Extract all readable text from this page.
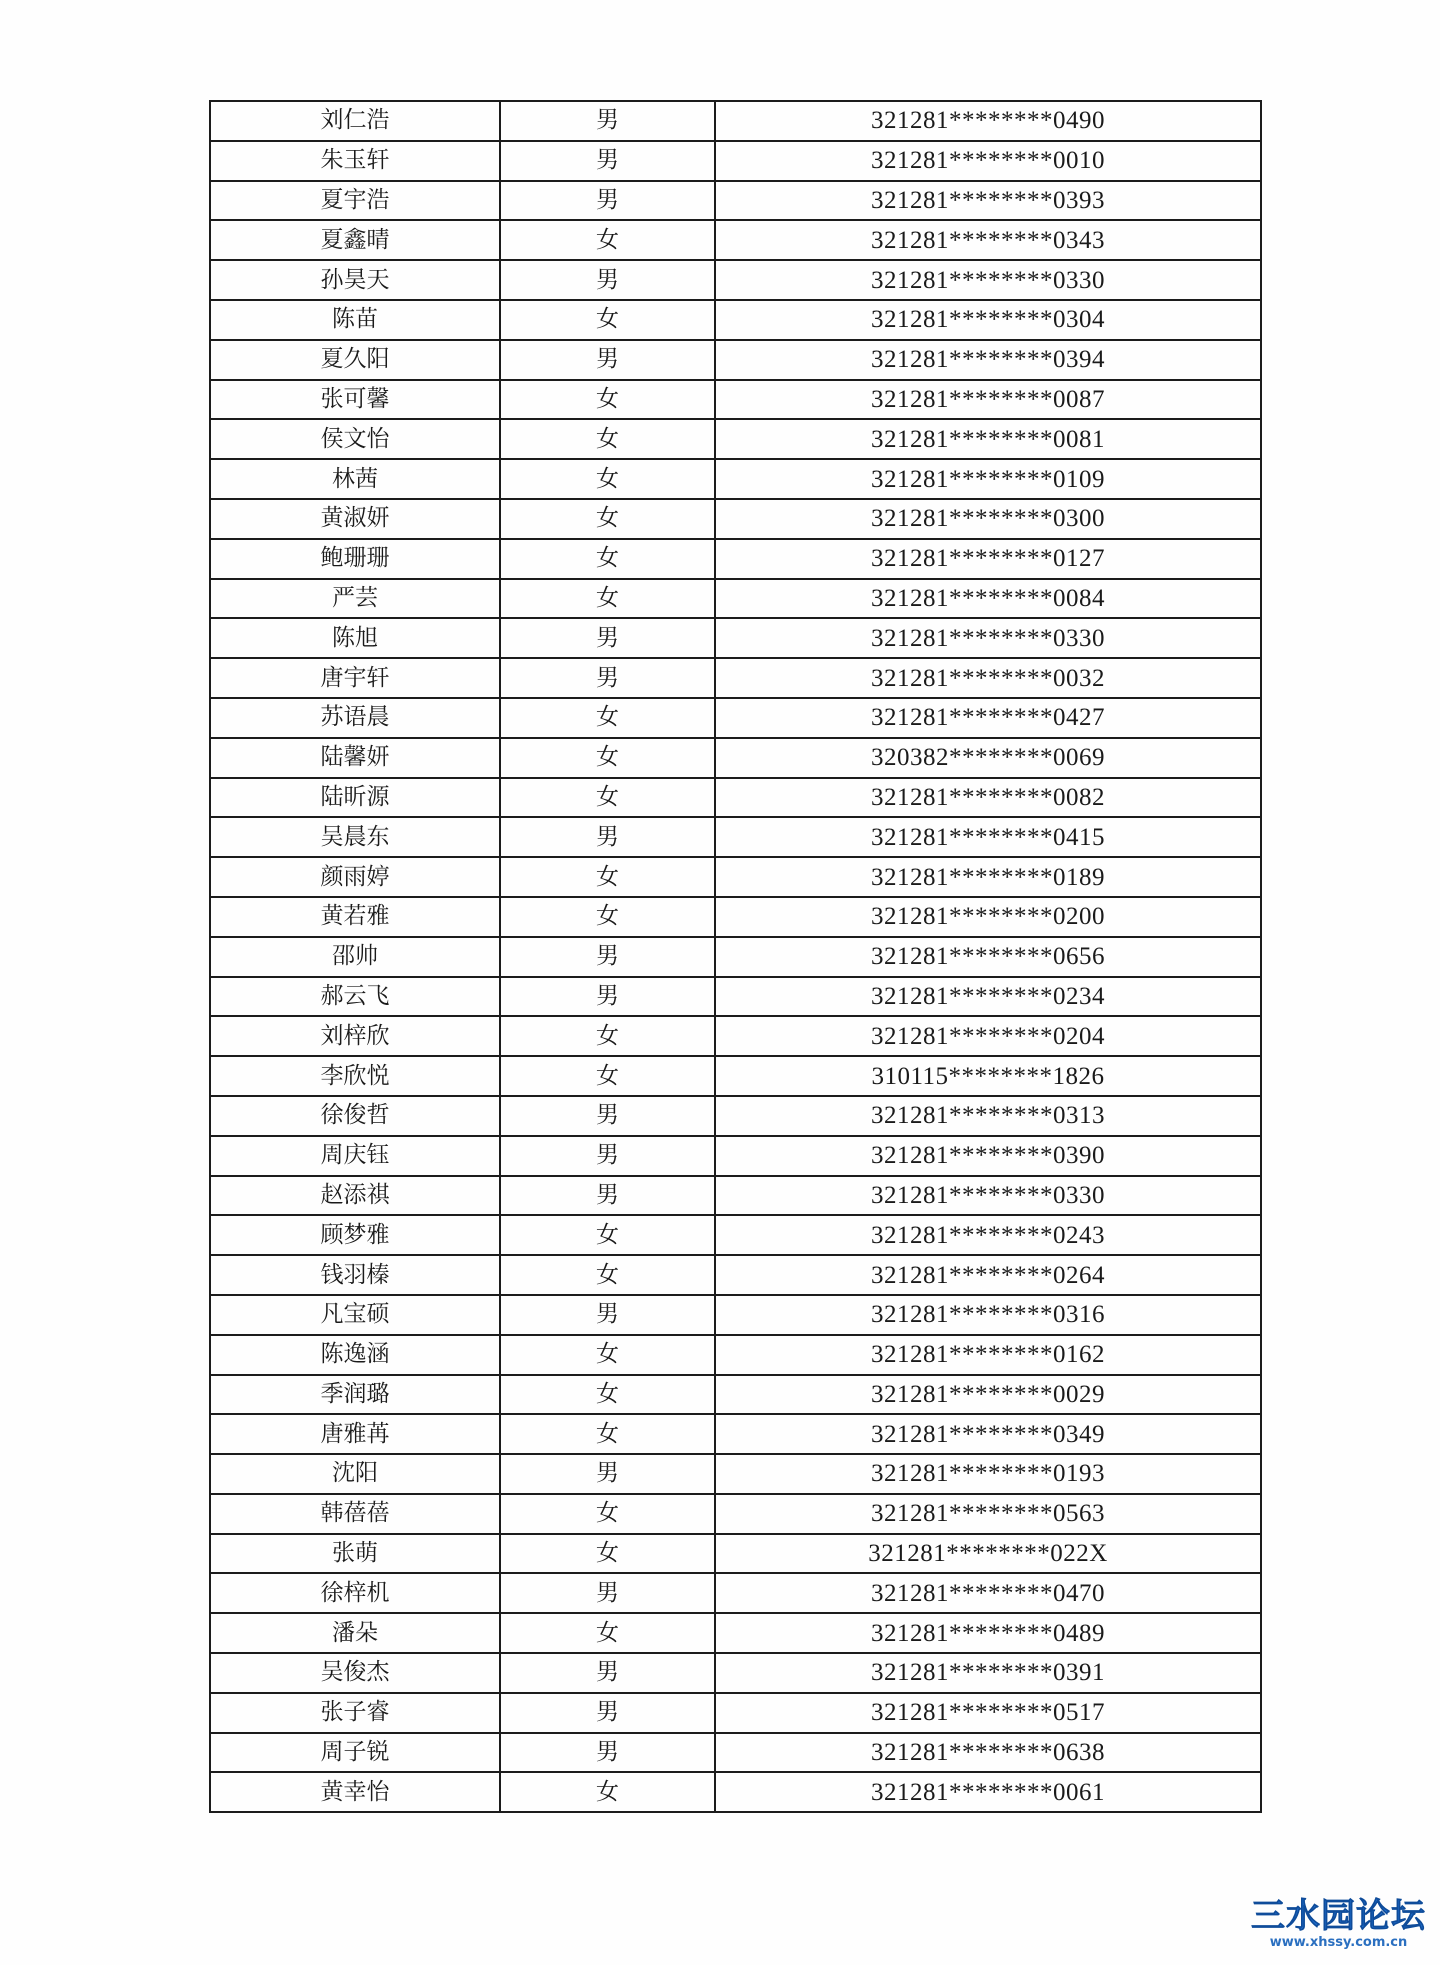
刘仁浩	男	321281********0490
朱玉轩	男	321281********0010
夏宇浩	男	321281********0393
夏鑫晴	女	321281********0343
孙昊天	男	321281********0330
陈苗	女	321281********0304
夏久阳	男	321281********0394
张可馨	女	321281********0087
侯文怡	女	321281********0081
林茜	女	321281********0109
黄淑妍	女	321281********0300
鲍珊珊	女	321281********0127
严芸	女	321281********0084
陈旭	男	321281********0330
唐宇轩	男	321281********0032
苏语晨	女	321281********0427
陆馨妍	女	320382********0069
陆昕源	女	321281********0082
吴晨东	男	321281********0415
颜雨婷	女	321281********0189
黄若雅	女	321281********0200
邵帅	男	321281********0656
郝云飞	男	321281********0234
刘梓欣	女	321281********0204
李欣悦	女	310115********1826
徐俊哲	男	321281********0313
周庆钰	男	321281********0390
赵添祺	男	321281********0330
顾梦雅	女	321281********0243
钱羽榛	女	321281********0264
凡宝硕	男	321281********0316
陈逸涵	女	321281********0162
季润璐	女	321281********0029
唐雅苒	女	321281********0349
沈阳	男	321281********0193
韩蓓蓓	女	321281********0563
张萌	女	321281********022X
徐梓机	男	321281********0470
潘朵	女	321281********0489
吴俊杰	男	321281********0391
张子睿	男	321281********0517
周子锐	男	321281********0638
黄幸怡	女	321281********0061
三水园论坛
www.xhssy.com.cn
